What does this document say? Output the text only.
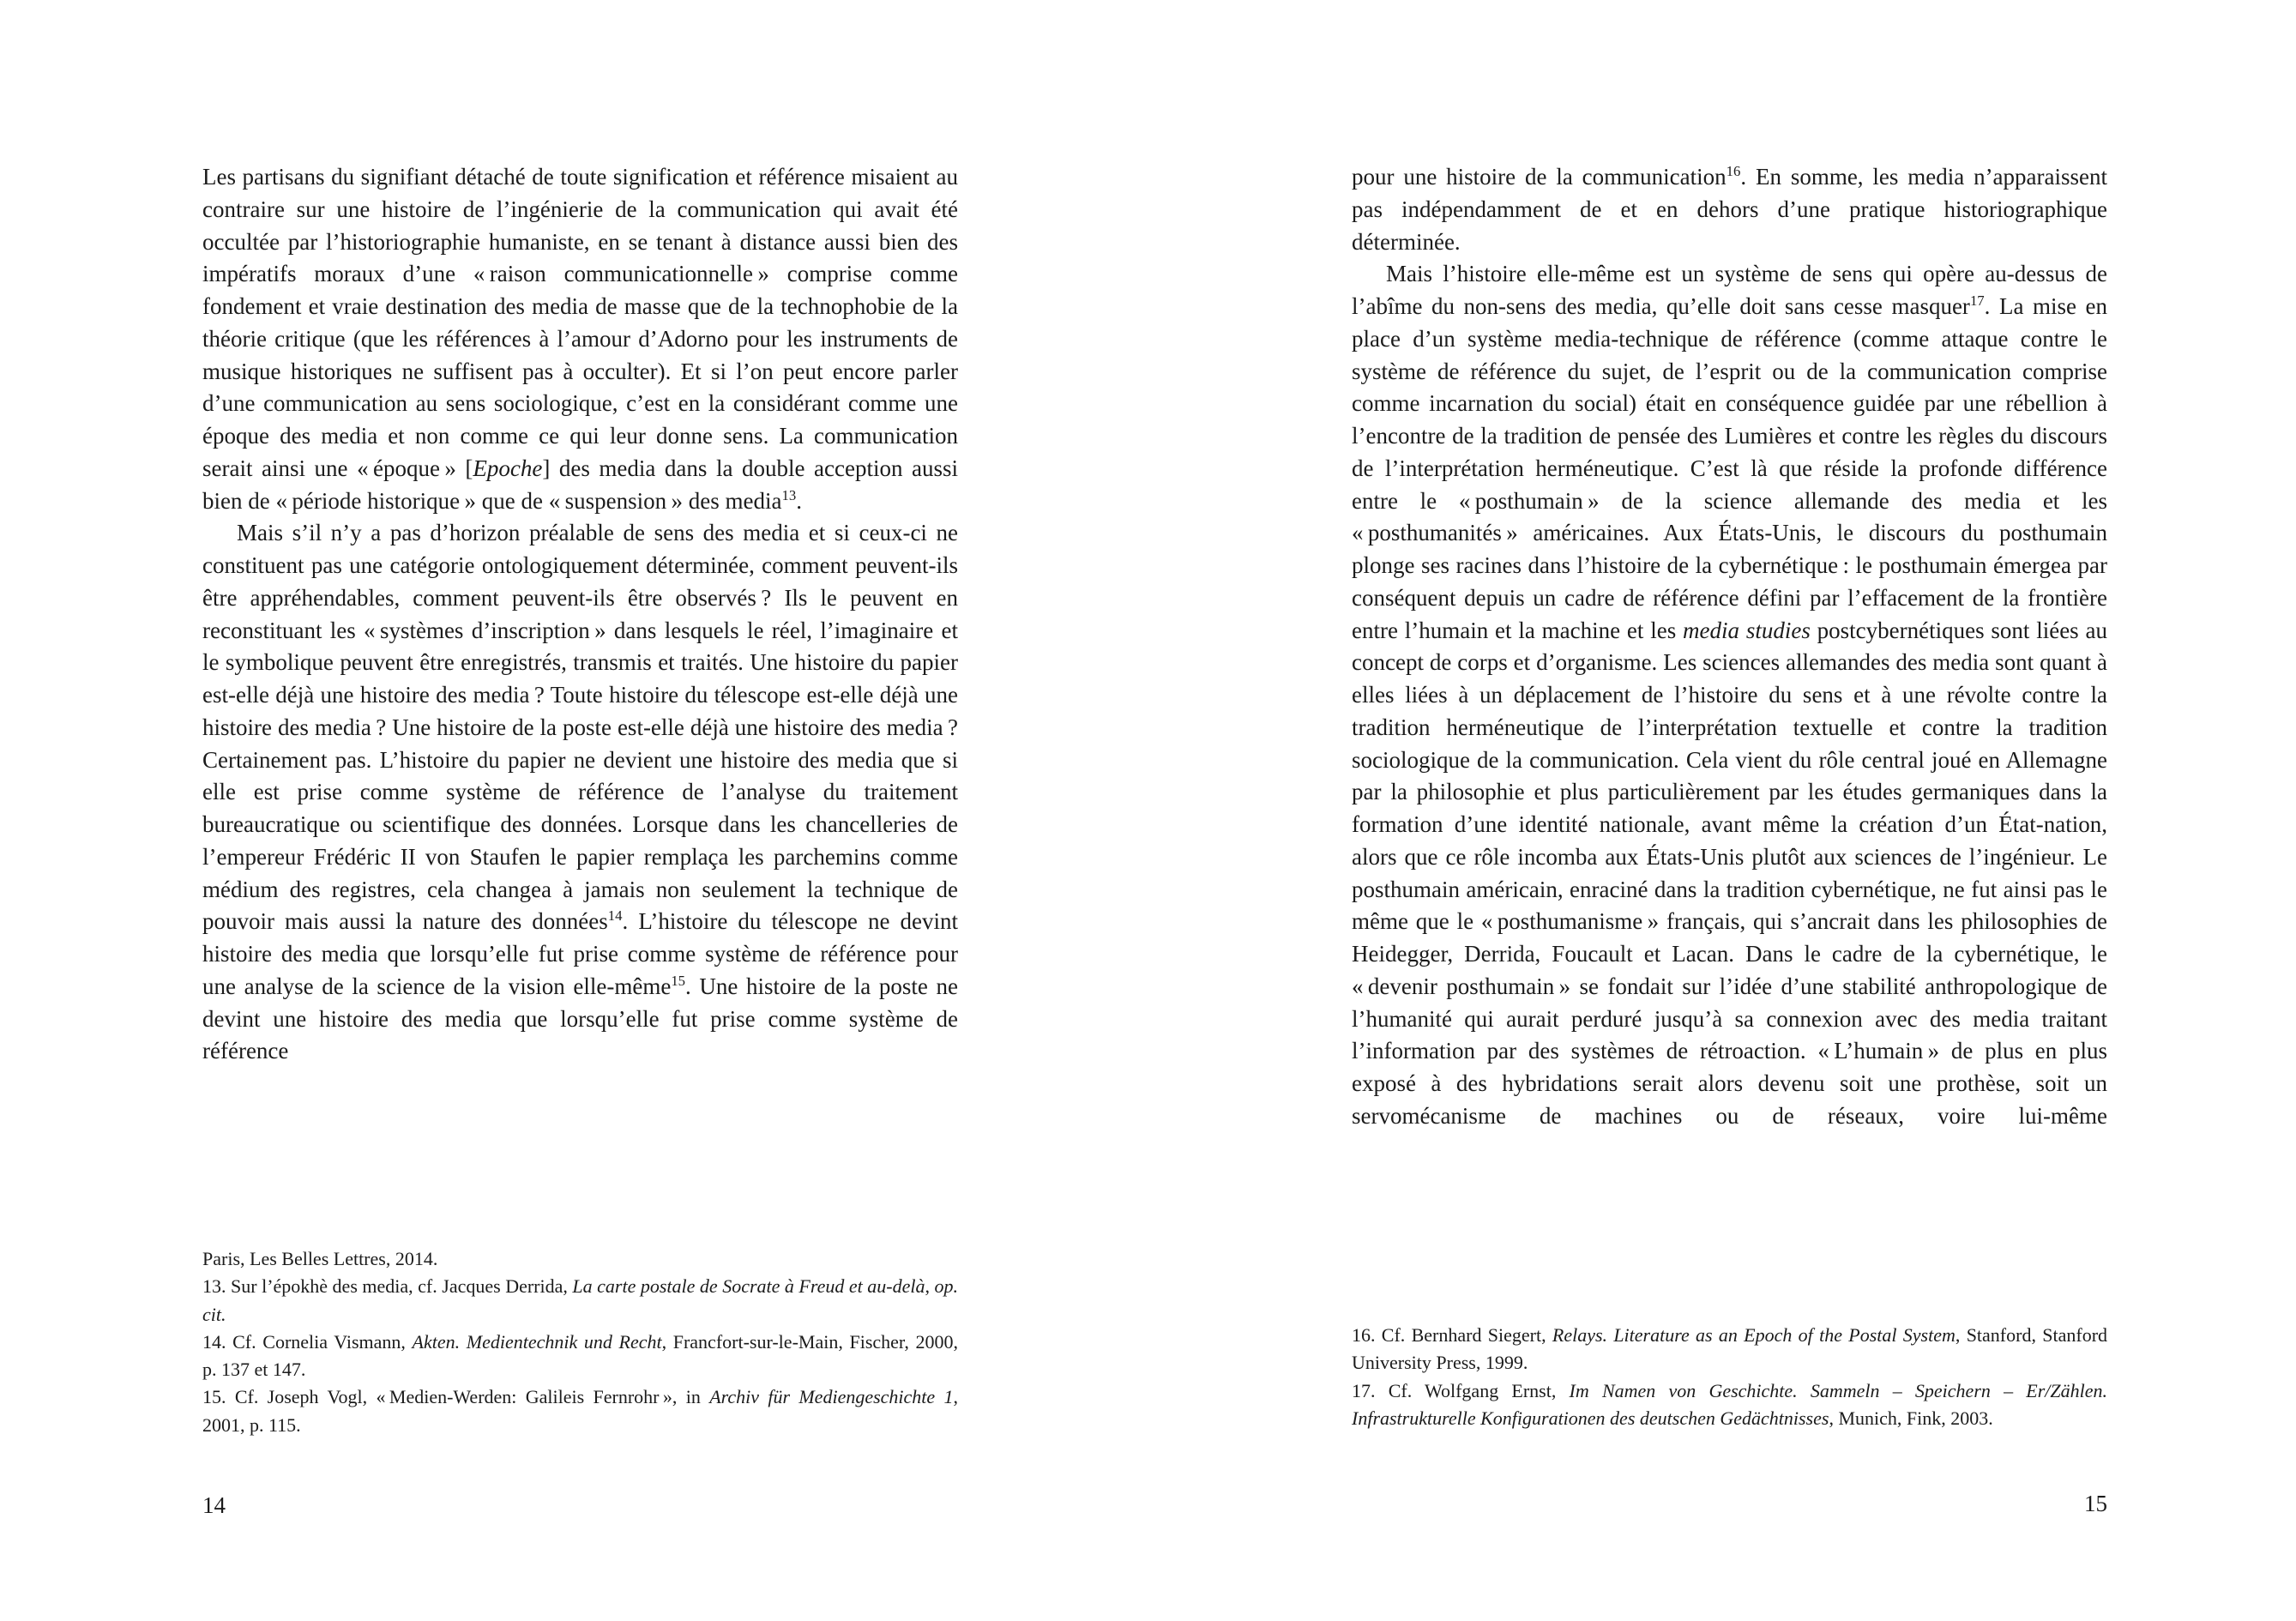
Les partisans du signifiant détaché de toute signification et référence misaient au contraire sur une histoire de l’ingénierie de la communication qui avait été occultée par l’historiographie humaniste, en se tenant à distance aussi bien des impératifs moraux d’une « raison communicationnelle » comprise comme fondement et vraie destination des media de masse que de la technophobie de la théorie critique (que les références à l’amour d’Adorno pour les instruments de musique historiques ne suffisent pas à occulter). Et si l’on peut encore parler d’une communication au sens sociologique, c’est en la considérant comme une époque des media et non comme ce qui leur donne sens. La communication serait ainsi une « époque » [Epoche] des media dans la double acception aussi bien de « période historique » que de « suspension » des media$^{13}$.

Mais s’il n’y a pas d’horizon préalable de sens des media et si ceux-ci ne constituent pas une catégorie ontologiquement déterminée, comment peuvent-ils être appréhendables, comment peuvent-ils être observés ? Ils le peuvent en reconstituant les « systèmes d’inscription » dans lesquels le réel, l’imaginaire et le symbolique peuvent être enregistrés, transmis et traités. Une histoire du papier est-elle déjà une histoire des media ? Toute histoire du télescope est-elle déjà une histoire des media ? Une histoire de la poste est-elle déjà une histoire des media ? Certainement pas. L’histoire du papier ne devient une histoire des media que si elle est prise comme système de référence de l’analyse du traitement bureaucratique ou scientifique des données. Lorsque dans les chancelleries de l’empereur Frédéric II von Staufen le papier remplaça les parchemins comme médium des registres, cela changea à jamais non seulement la technique de pouvoir mais aussi la nature des données$^{14}$. L’histoire du télescope ne devint histoire des media que lorsqu’elle fut prise comme système de référence pour une analyse de la science de la vision elle-même$^{15}$. Une histoire de la poste ne devint une histoire des media que lorsqu’elle fut prise comme système de référence

Paris, Les Belles Lettres, 2014.

13. Sur l’épokhè des media, cf. Jacques Derrida, La carte postale de Socrate à Freud et au-delà, op. cit.

14. Cf. Cornelia Vismann, Akten. Medientechnik und Recht, Francfort-sur-le-Main, Fischer, 2000, p. 137 et 147.

15. Cf. Joseph Vogl, « Medien-Werden: Galileis Fernrohr », in Archiv für Mediengeschichte 1, 2001, p. 115.

14

pour une histoire de la communication$^{16}$. En somme, les media n’apparaissent pas indépendamment de et en dehors d’une pratique historiographique déterminée.

Mais l’histoire elle-même est un système de sens qui opère au-dessus de l’abîme du non-sens des media, qu’elle doit sans cesse masquer$^{17}$. La mise en place d’un système media-technique de référence (comme attaque contre le système de référence du sujet, de l’esprit ou de la communication comprise comme incarnation du social) était en conséquence guidée par une rébellion à l’encontre de la tradition de pensée des Lumières et contre les règles du discours de l’interprétation herméneutique. C’est là que réside la profonde différence entre le « posthumain » de la science allemande des media et les « posthumanités » américaines. Aux États-Unis, le discours du posthumain plonge ses racines dans l’histoire de la cybernétique : le posthumain émergea par conséquent depuis un cadre de référence défini par l’effacement de la frontière entre l’humain et la machine et les media studies postcybernétiques sont liées au concept de corps et d’organisme. Les sciences allemandes des media sont quant à elles liées à un déplacement de l’histoire du sens et à une révolte contre la tradition herméneutique de l’interprétation textuelle et contre la tradition sociologique de la communication. Cela vient du rôle central joué en Allemagne par la philosophie et plus particulièrement par les études germaniques dans la formation d’une identité nationale, avant même la création d’un État-nation, alors que ce rôle incomba aux États-Unis plutôt aux sciences de l’ingénieur. Le posthumain américain, enraciné dans la tradition cybernétique, ne fut ainsi pas le même que le « posthumanisme » français, qui s’ancrait dans les philosophies de Heidegger, Derrida, Foucault et Lacan. Dans le cadre de la cybernétique, le « devenir posthumain » se fondait sur l’idée d’une stabilité anthropologique de l’humanité qui aurait perduré jusqu’à sa connexion avec des media traitant l’information par des systèmes de rétroaction. « L’humain » de plus en plus exposé à des hybridations serait alors devenu soit une prothèse, soit un servomécanisme de machines ou de réseaux, voire lui-même

16. Cf. Bernhard Siegert, Relays. Literature as an Epoch of the Postal System, Stanford, Stanford University Press, 1999.

17. Cf. Wolfgang Ernst, Im Namen von Geschichte. Sammeln – Speichern – Er/Zählen. Infrastrukturelle Konfigurationen des deutschen Gedächtnisses, Munich, Fink, 2003.

15
